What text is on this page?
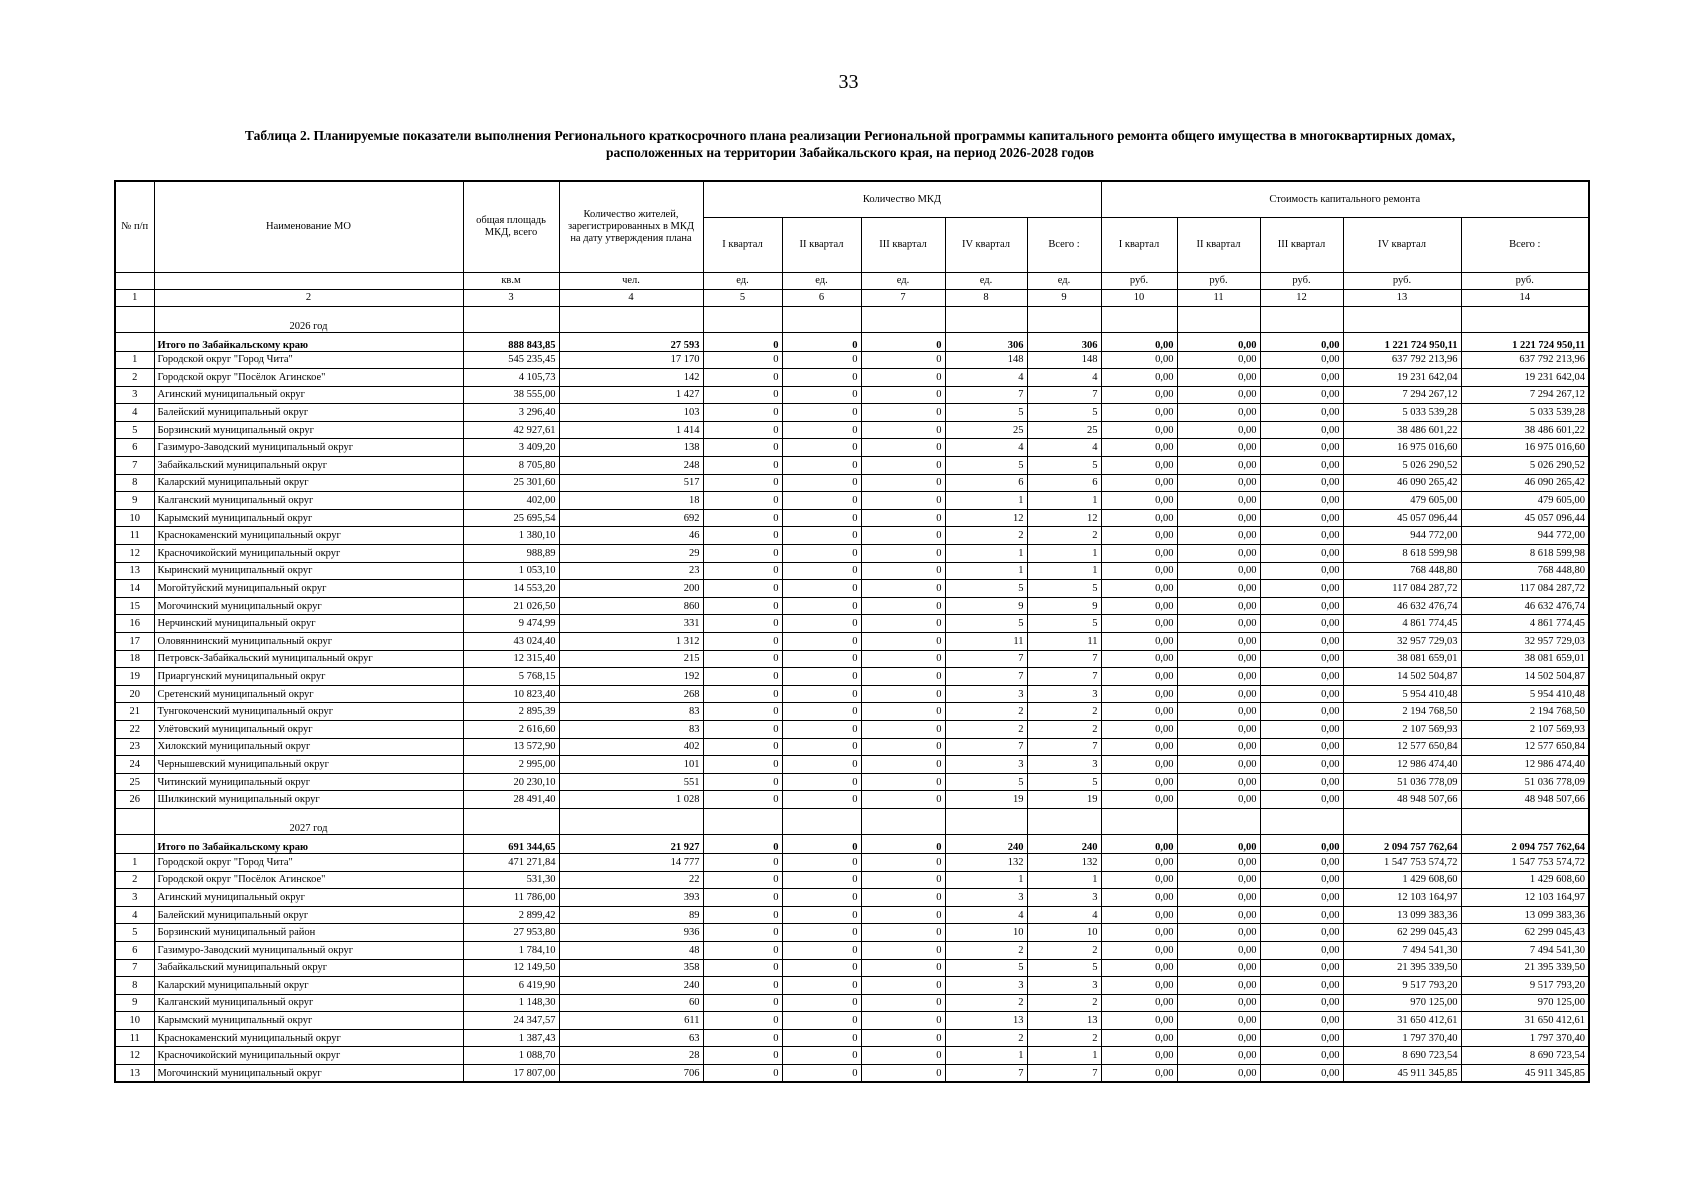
33
Таблица 2. Планируемые показатели выполнения Регионального краткосрочного плана реализации Региональной программы капитального ремонта общего имущества в многоквартирных домах,
расположенных на территории Забайкальского края, на период 2026-2028 годов
№ п/п	Наименование МО	общая площадь МКД, всего	Количество жителей, зарегистрированных в МКД на дату утверждения плана	Количество МКД					Стоимость капитального ремонта				
				I квартал	II квартал	III квартал	IV квартал	Всего :	I квартал	II квартал	III квартал	IV квартал	Всего :
		кв.м	чел.	ед.	ед.	ед.	ед.	ед.	руб.	руб.	руб.	руб.	руб.
1	2	3	4	5	6	7	8	9	10	11	12	13	14
	2026 год												
	Итого по Забайкальскому краю	888 843,85	27 593	0	0	0	306	306	0,00	0,00	0,00	1 221 724 950,11	1 221 724 950,11
1	Городской округ "Город Чита"	545 235,45	17 170	0	0	0	148	148	0,00	0,00	0,00	637 792 213,96	637 792 213,96
2	Городской округ "Посёлок Агинское"	4 105,73	142	0	0	0	4	4	0,00	0,00	0,00	19 231 642,04	19 231 642,04
3	Агинский муниципальный округ	38 555,00	1 427	0	0	0	7	7	0,00	0,00	0,00	7 294 267,12	7 294 267,12
4	Балейский муниципальный округ	3 296,40	103	0	0	0	5	5	0,00	0,00	0,00	5 033 539,28	5 033 539,28
5	Борзинский муниципальный округ	42 927,61	1 414	0	0	0	25	25	0,00	0,00	0,00	38 486 601,22	38 486 601,22
6	Газимуро-Заводский муниципальный округ	3 409,20	138	0	0	0	4	4	0,00	0,00	0,00	16 975 016,60	16 975 016,60
7	Забайкальский муниципальный округ	8 705,80	248	0	0	0	5	5	0,00	0,00	0,00	5 026 290,52	5 026 290,52
8	Каларский муниципальный округ	25 301,60	517	0	0	0	6	6	0,00	0,00	0,00	46 090 265,42	46 090 265,42
9	Калганский муниципальный округ	402,00	18	0	0	0	1	1	0,00	0,00	0,00	479 605,00	479 605,00
10	Карымский муниципальный округ	25 695,54	692	0	0	0	12	12	0,00	0,00	0,00	45 057 096,44	45 057 096,44
11	Краснокаменский муниципальный округ	1 380,10	46	0	0	0	2	2	0,00	0,00	0,00	944 772,00	944 772,00
12	Красночикойский муниципальный округ	988,89	29	0	0	0	1	1	0,00	0,00	0,00	8 618 599,98	8 618 599,98
13	Кыринский муниципальный округ	1 053,10	23	0	0	0	1	1	0,00	0,00	0,00	768 448,80	768 448,80
14	Могойтуйский муниципальный округ	14 553,20	200	0	0	0	5	5	0,00	0,00	0,00	117 084 287,72	117 084 287,72
15	Могочинский муниципальный округ	21 026,50	860	0	0	0	9	9	0,00	0,00	0,00	46 632 476,74	46 632 476,74
16	Нерчинский муниципальный округ	9 474,99	331	0	0	0	5	5	0,00	0,00	0,00	4 861 774,45	4 861 774,45
17	Оловяннинский муниципальный округ	43 024,40	1 312	0	0	0	11	11	0,00	0,00	0,00	32 957 729,03	32 957 729,03
18	Петровск-Забайкальский муниципальный округ	12 315,40	215	0	0	0	7	7	0,00	0,00	0,00	38 081 659,01	38 081 659,01
19	Приаргунский муниципальный округ	5 768,15	192	0	0	0	7	7	0,00	0,00	0,00	14 502 504,87	14 502 504,87
20	Сретенский муниципальный округ	10 823,40	268	0	0	0	3	3	0,00	0,00	0,00	5 954 410,48	5 954 410,48
21	Тунгокоченский муниципальный округ	2 895,39	83	0	0	0	2	2	0,00	0,00	0,00	2 194 768,50	2 194 768,50
22	Улётовский муниципальный округ	2 616,60	83	0	0	0	2	2	0,00	0,00	0,00	2 107 569,93	2 107 569,93
23	Хилокский муниципальный округ	13 572,90	402	0	0	0	7	7	0,00	0,00	0,00	12 577 650,84	12 577 650,84
24	Чернышевский муниципальный округ	2 995,00	101	0	0	0	3	3	0,00	0,00	0,00	12 986 474,40	12 986 474,40
25	Читинский муниципальный округ	20 230,10	551	0	0	0	5	5	0,00	0,00	0,00	51 036 778,09	51 036 778,09
26	Шилкинский муниципальный округ	28 491,40	1 028	0	0	0	19	19	0,00	0,00	0,00	48 948 507,66	48 948 507,66
	2027 год												
	Итого по Забайкальскому краю	691 344,65	21 927	0	0	0	240	240	0,00	0,00	0,00	2 094 757 762,64	2 094 757 762,64
1	Городской округ "Город Чита"	471 271,84	14 777	0	0	0	132	132	0,00	0,00	0,00	1 547 753 574,72	1 547 753 574,72
2	Городской округ "Посёлок Агинское"	531,30	22	0	0	0	1	1	0,00	0,00	0,00	1 429 608,60	1 429 608,60
3	Агинский муниципальный округ	11 786,00	393	0	0	0	3	3	0,00	0,00	0,00	12 103 164,97	12 103 164,97
4	Балейский муниципальный округ	2 899,42	89	0	0	0	4	4	0,00	0,00	0,00	13 099 383,36	13 099 383,36
5	Борзинский муниципальный район	27 953,80	936	0	0	0	10	10	0,00	0,00	0,00	62 299 045,43	62 299 045,43
6	Газимуро-Заводский муниципальный округ	1 784,10	48	0	0	0	2	2	0,00	0,00	0,00	7 494 541,30	7 494 541,30
7	Забайкальский муниципальный округ	12 149,50	358	0	0	0	5	5	0,00	0,00	0,00	21 395 339,50	21 395 339,50
8	Каларский муниципальный округ	6 419,90	240	0	0	0	3	3	0,00	0,00	0,00	9 517 793,20	9 517 793,20
9	Калганский муниципальный округ	1 148,30	60	0	0	0	2	2	0,00	0,00	0,00	970 125,00	970 125,00
10	Карымский муниципальный округ	24 347,57	611	0	0	0	13	13	0,00	0,00	0,00	31 650 412,61	31 650 412,61
11	Краснокаменский муниципальный округ	1 387,43	63	0	0	0	2	2	0,00	0,00	0,00	1 797 370,40	1 797 370,40
12	Красночикойский муниципальный округ	1 088,70	28	0	0	0	1	1	0,00	0,00	0,00	8 690 723,54	8 690 723,54
13	Могочинский муниципальный округ	17 807,00	706	0	0	0	7	7	0,00	0,00	0,00	45 911 345,85	45 911 345,85
